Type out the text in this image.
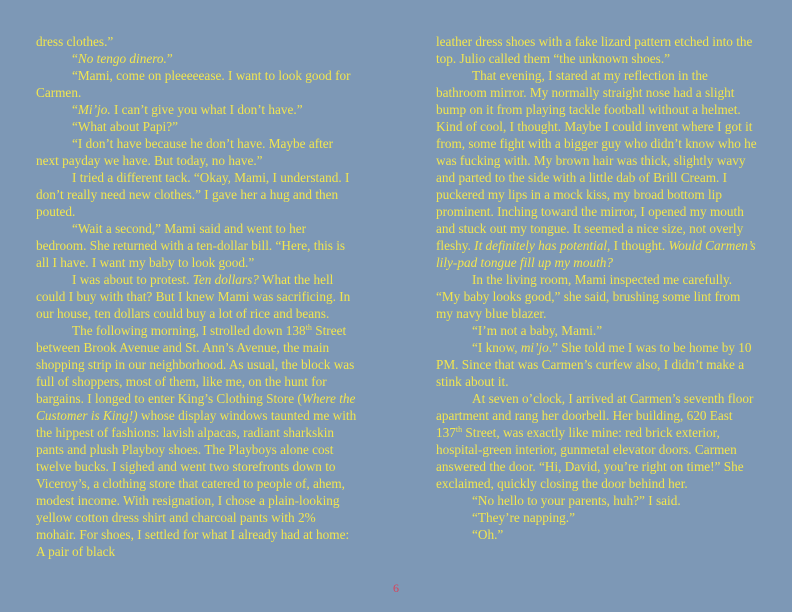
dress clothes.”

“No tengo dinero.”

“Mami, come on pleeeeease. I want to look good for Carmen.

“Mi’jo. I can’t give you what I don’t have.”

“What about Papi?”

“I don’t have because he don’t have. Maybe after next payday we have. But today, no have.”

I tried a different tack. “Okay, Mami, I understand. I don’t really need new clothes.” I gave her a hug and then pouted.

“Wait a second,” Mami said and went to her bedroom. She returned with a ten-dollar bill. “Here, this is all I have. I want my baby to look good.”

I was about to protest. Ten dollars? What the hell could I buy with that? But I knew Mami was sacrificing. In our house, ten dollars could buy a lot of rice and beans.

The following morning, I strolled down 138th Street between Brook Avenue and St. Ann’s Avenue, the main shopping strip in our neighborhood. As usual, the block was full of shoppers, most of them, like me, on the hunt for bargains. I longed to enter King’s Clothing Store (Where the Customer is King!) whose display windows taunted me with the hippest of fashions: lavish alpacas, radiant sharkskin pants and plush Playboy shoes. The Playboys alone cost twelve bucks. I sighed and went two storefronts down to Viceroy’s, a clothing store that catered to people of, ahem, modest income. With resignation, I chose a plain-looking yellow cotton dress shirt and charcoal pants with 2% mohair. For shoes, I settled for what I already had at home: A pair of black

leather dress shoes with a fake lizard pattern etched into the top. Julio called them “the unknown shoes.”

That evening, I stared at my reflection in the bathroom mirror. My normally straight nose had a slight bump on it from playing tackle football without a helmet. Kind of cool, I thought. Maybe I could invent where I got it from, some fight with a bigger guy who didn’t know who he was fucking with. My brown hair was thick, slightly wavy and parted to the side with a little dab of Brill Cream. I puckered my lips in a mock kiss, my broad bottom lip prominent. Inching toward the mirror, I opened my mouth and stuck out my tongue. It seemed a nice size, not overly fleshy. It definitely has potential, I thought. Would Carmen’s lily-pad tongue fill up my mouth?

In the living room, Mami inspected me carefully. “My baby looks good,” she said, brushing some lint from my navy blue blazer.

“I’m not a baby, Mami.”

“I know, mi’jo.” She told me I was to be home by 10 PM. Since that was Carmen’s curfew also, I didn’t make a stink about it.

At seven o’clock, I arrived at Carmen’s seventh floor apartment and rang her doorbell. Her building, 620 East 137th Street, was exactly like mine: red brick exterior, hospital-green interior, gunmetal elevator doors. Carmen answered the door. “Hi, David, you’re right on time!” She exclaimed, quickly closing the door behind her.

“No hello to your parents, huh?” I said.

“They’re napping.”

“Oh.”

6
